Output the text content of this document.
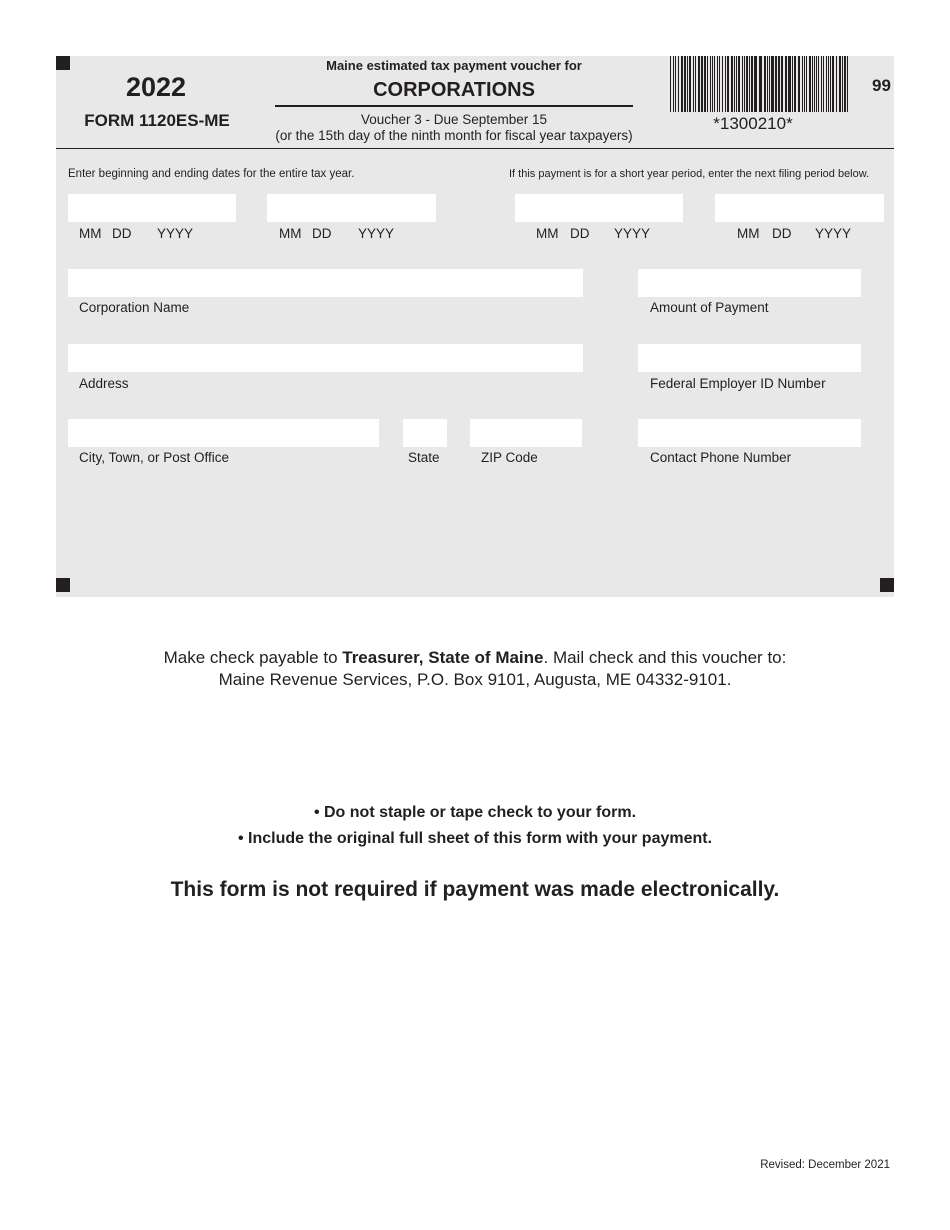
2022
FORM 1120ES-ME
Maine estimated tax payment voucher for
CORPORATIONS
Voucher 3 - Due September 15
(or the 15th day of the ninth month for fiscal year taxpayers)
*1300210*
99
Enter beginning and ending dates for the entire tax year.	If this payment is for a short year period, enter the next filing period below.
MM DD YYYY	MM DD YYYY	MM DD YYYY	MM DD YYYY
Corporation Name	Amount of Payment
Address	Federal Employer ID Number
City, Town, or Post Office	State	ZIP Code	Contact Phone Number
Make check payable to Treasurer, State of Maine. Mail check and this voucher to:
Maine Revenue Services, P.O. Box 9101, Augusta, ME 04332-9101.
• Do not staple or tape check to your form.
• Include the original full sheet of this form with your payment.
This form is not required if payment was made electronically.
Revised: December 2021
